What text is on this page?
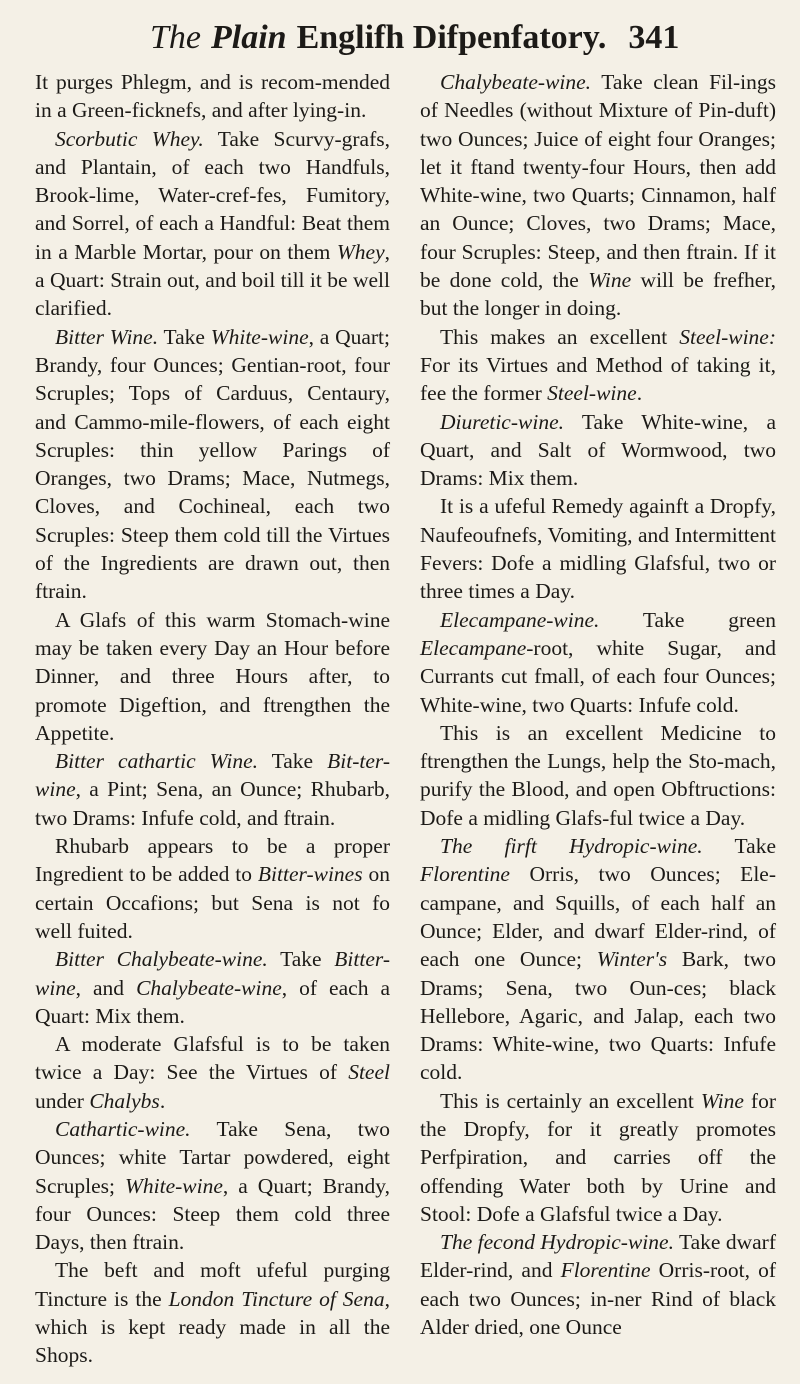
The Plain Englifh Difpenfatory. 341

It purges Phlegm, and is recom-mended in a Green-ficknefs, and after lying-in.

Scorbutic Whey. Take Scurvy-grafs, and Plantain, of each two Handfuls, Brook-lime, Water-cref-fes, Fumitory, and Sorrel, of each a Handful: Beat them in a Marble Mortar, pour on them Whey, a Quart: Strain out, and boil till it be well clarified.

Bitter Wine. Take White-wine, a Quart; Brandy, four Ounces; Gentian-root, four Scruples; Tops of Carduus, Centaury, and Cammo-mile-flowers, of each eight Scruples: thin yellow Parings of Oranges, two Drams; Mace, Nutmegs, Cloves, and Cochineal, each two Scruples: Steep them cold till the Virtues of the Ingredients are drawn out, then ftrain.

A Glafs of this warm Stomach-wine may be taken every Day an Hour before Dinner, and three Hours after, to promote Digeftion, and ftrengthen the Appetite.

Bitter cathartic Wine. Take Bit-ter-wine, a Pint; Sena, an Ounce; Rhubarb, two Drams: Infufe cold, and ftrain.

Rhubarb appears to be a proper Ingredient to be added to Bitter-wines on certain Occafions; but Sena is not fo well fuited.

Bitter Chalybeate-wine. Take Bitter-wine, and Chalybeate-wine, of each a Quart: Mix them.

A moderate Glafsful is to be taken twice a Day: See the Virtues of Steel under Chalybs.

Cathartic-wine. Take Sena, two Ounces; white Tartar powdered, eight Scruples; White-wine, a Quart; Brandy, four Ounces: Steep them cold three Days, then ftrain.

The beft and moft ufeful purging Tincture is the London Tincture of Sena, which is kept ready made in all the Shops.

Chalybeate-wine. Take clean Fil-ings of Needles (without Mixture of Pin-duft) two Ounces; Juice of eight four Oranges; let it ftand twenty-four Hours, then add White-wine, two Quarts; Cinnamon, half an Ounce; Cloves, two Drams; Mace, four Scruples: Steep, and then ftrain. If it be done cold, the Wine will be frefher, but the longer in doing.

This makes an excellent Steel-wine: For its Virtues and Method of taking it, fee the former Steel-wine.

Diuretic-wine. Take White-wine, a Quart, and Salt of Wormwood, two Drams: Mix them.

It is a ufeful Remedy againft a Dropfy, Naufeoufnefs, Vomiting, and Intermittent Fevers: Dofe a midling Glafsful, two or three times a Day.

Elecampane-wine. Take green Elecampane-root, white Sugar, and Currants cut fmall, of each four Ounces; White-wine, two Quarts: Infufe cold.

This is an excellent Medicine to ftrengthen the Lungs, help the Sto-mach, purify the Blood, and open Obftructions: Dofe a midling Glafs-ful twice a Day.

The firft Hydropic-wine. Take Florentine Orris, two Ounces; Ele-campane, and Squills, of each half an Ounce; Elder, and dwarf Elder-rind, of each one Ounce; Winter's Bark, two Drams; Sena, two Oun-ces; black Hellebore, Agaric, and Jalap, each two Drams: White-wine, two Quarts: Infufe cold.

This is certainly an excellent Wine for the Dropfy, for it greatly promotes Perfpiration, and carries off the offending Water both by Urine and Stool: Dofe a Glafsful twice a Day.

The fecond Hydropic-wine. Take dwarf Elder-rind, and Florentine Orris-root, of each two Ounces; in-ner Rind of black Alder dried, one Ounce
